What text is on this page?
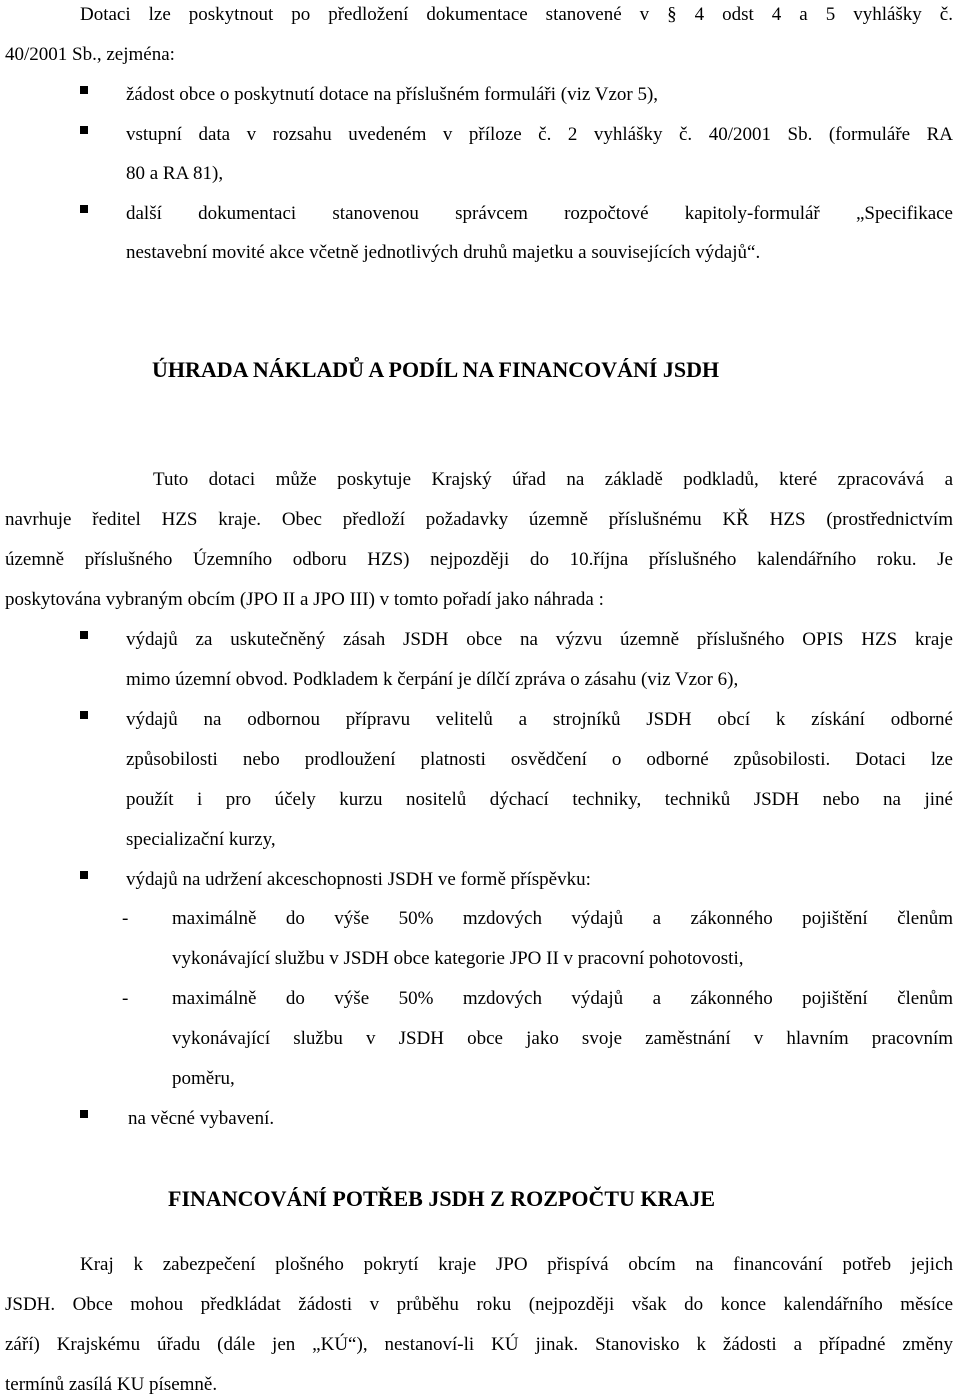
Dotaci lze poskytnout po předložení dokumentace stanovené v § 4 odst 4 a 5 vyhlášky č.
40/2001 Sb., zejména:
žádost obce o poskytnutí dotace na příslušném formuláři (viz Vzor 5),
vstupní data v rozsahu uvedeném v příloze č. 2 vyhlášky č. 40/2001 Sb. (formuláře RA
80 a RA 81),
další dokumentaci stanovenou správcem rozpočtové kapitoly-formulář „Specifikace
nestavební movité akce včetně jednotlivých druhů majetku a souvisejících výdajů“.
ÚHRADA NÁKLADŮ A PODÍL NA FINANCOVÁNÍ JSDH
Tuto dotaci může poskytuje Krajský úřad na základě podkladů, které zpracovává a
navrhuje ředitel HZS kraje. Obec předloží požadavky územně příslušnému KŘ HZS (prostřednictvím
územně příslušného Územního odboru HZS) nejpozději do 10.října příslušného kalendářního roku. Je
poskytována vybraným obcím (JPO II a JPO III) v tomto pořadí jako náhrada :
výdajů za uskutečněný zásah JSDH obce na výzvu územně příslušného OPIS HZS kraje
mimo územní obvod. Podkladem k čerpání je dílčí zpráva o zásahu (viz Vzor 6),
výdajů na odbornou přípravu velitelů a strojníků JSDH obcí k získání odborné
způsobilosti nebo prodloužení platnosti osvědčení o odborné způsobilosti. Dotaci lze
použít i pro účely kurzu nositelů dýchací techniky, techniků JSDH nebo na jiné
specializační kurzy,
výdajů na udržení akceschopnosti JSDH ve formě příspěvku:
- maximálně do výše 50% mzdových výdajů a zákonného pojištění členům
vykonávající službu v JSDH obce kategorie JPO II v pracovní pohotovosti,
- maximálně do výše 50% mzdových výdajů a zákonného pojištění členům
vykonávající službu v JSDH obce jako svoje zaměstnání v hlavním pracovním
poměru,
na věcné vybavení.
FINANCOVÁNÍ POTŘEB JSDH Z ROZPOČTU KRAJE
Kraj k zabezpečení plošného pokrytí kraje JPO přispívá obcím na financování potřeb jejich
JSDH. Obce mohou předkládat žádosti v průběhu roku (nejpozději však do konce kalendářního měsíce
září) Krajskému úřadu (dále jen „KÚ“), nestanoví-li KÚ jinak. Stanovisko k žádosti a případné změny
termínů zasílá KU písemně.
